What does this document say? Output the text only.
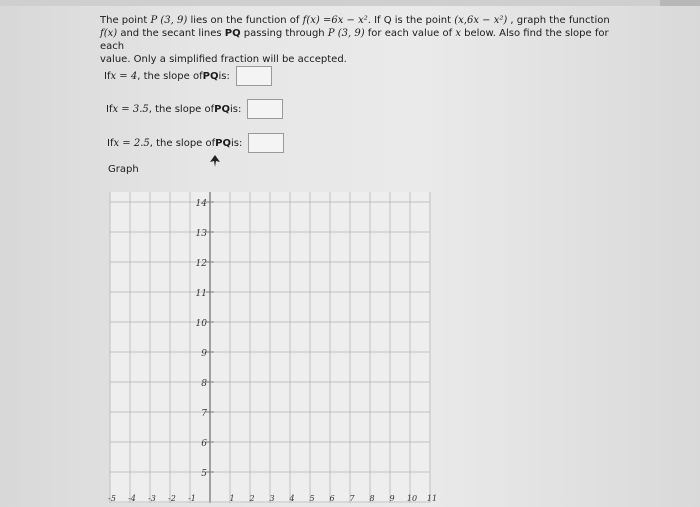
The point P (3, 9) lies on the function of f(x) =6x − x². If Q is the point (x,6x − x²) , graph the function
f(x) and the secant lines PQ passing through P (3, 9) for each value of x below. Also find the slope for each
value. Only a simplified fraction will be accepted.
If x = 4 , the slope of PQ is:
If x = 3.5 , the slope of PQ is:
If x = 2.5 , the slope of PQ is:
Graph
14
13
12
11
10
9
8
7
6
5
-5 -4 -3 -2 -1	1 2 3 4 5 6 7 8 9 10 11
